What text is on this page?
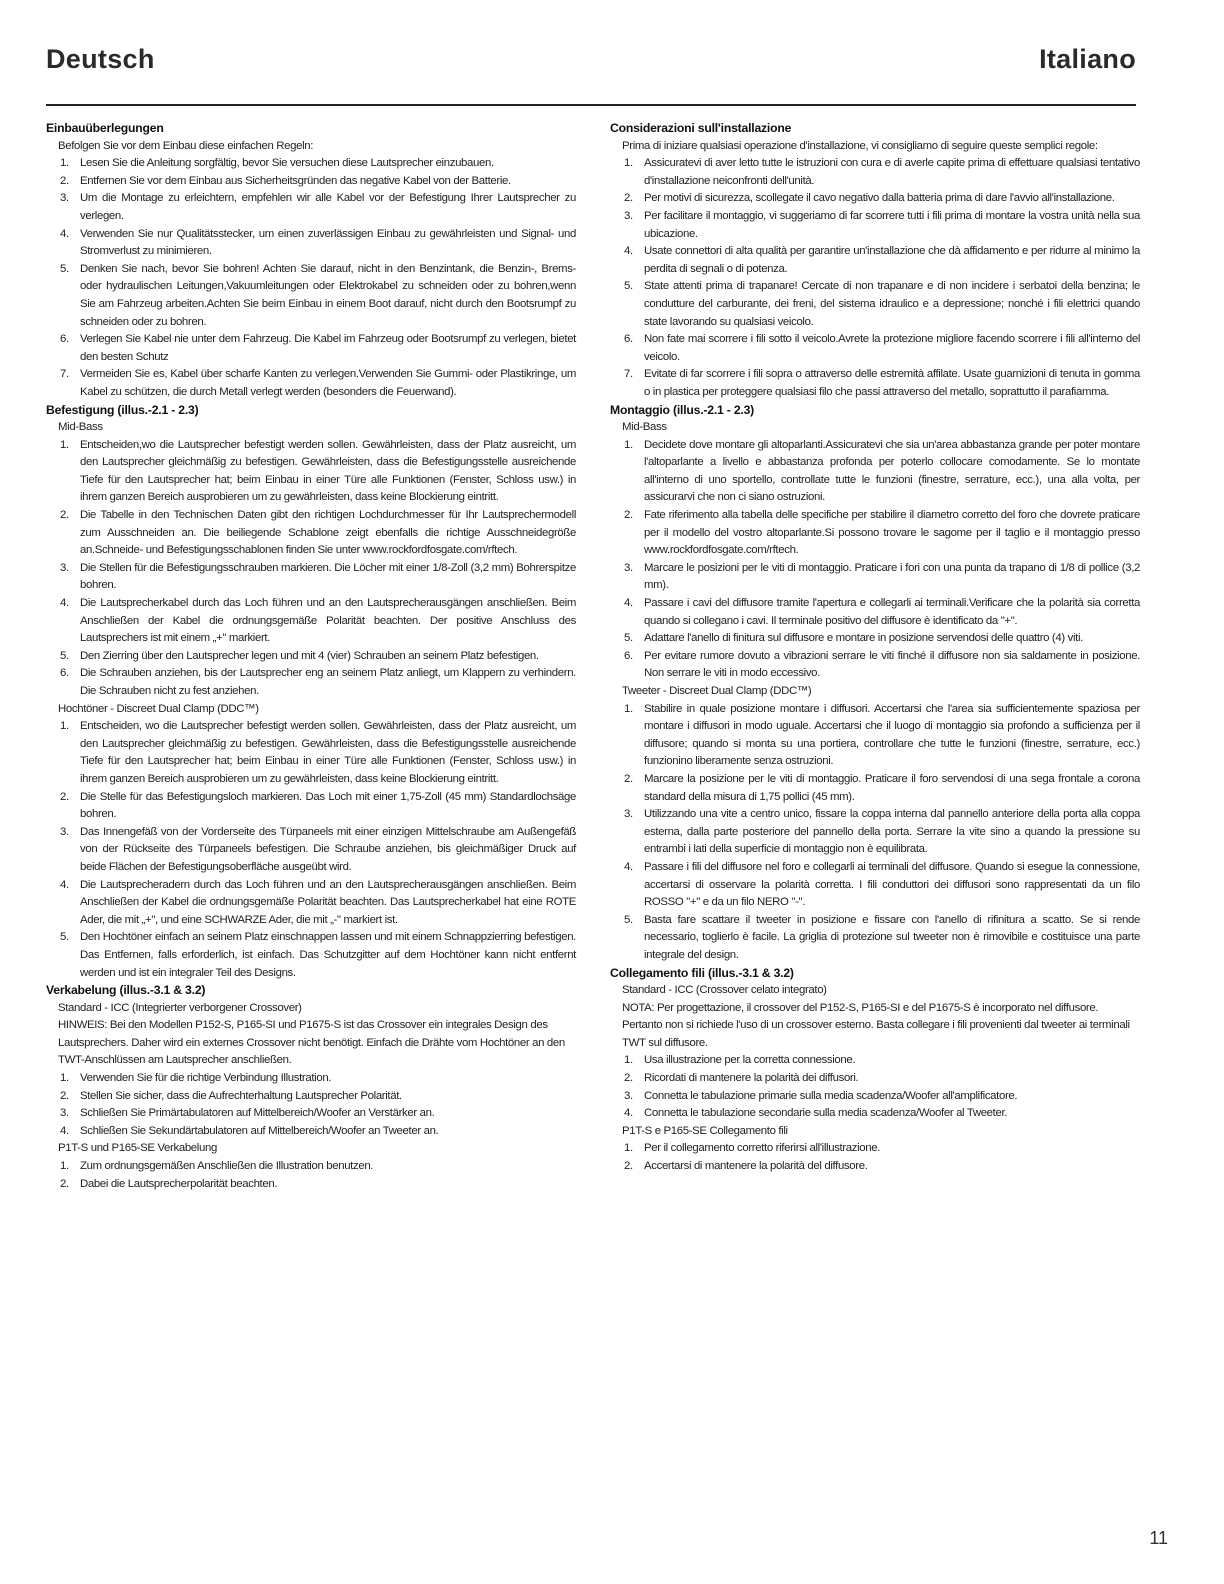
Deutsch	Italiano
Einbauüberlegungen
Befolgen Sie vor dem Einbau diese einfachen Regeln:
1. Lesen Sie die Anleitung sorgfältig, bevor Sie versuchen diese Lautsprecher einzubauen.
2. Entfernen Sie vor dem Einbau aus Sicherheitsgründen das negative Kabel von der Batterie.
3. Um die Montage zu erleichtern, empfehlen wir alle Kabel vor der Befestigung Ihrer Lautsprecher zu verlegen.
4. Verwenden Sie nur Qualitätsstecker, um einen zuverlässigen Einbau zu gewährleisten und Signal- und Stromverlust zu minimieren.
5. Denken Sie nach, bevor Sie bohren! Achten Sie darauf, nicht in den Benzintank, die Benzin-, Brems- oder hydraulischen Leitungen,Vakuumleitungen oder Elektrokabel zu schneiden oder zu bohren,wenn Sie am Fahrzeug arbeiten.Achten Sie beim Einbau in einem Boot darauf, nicht durch den Bootsrumpf zu schneiden oder zu bohren.
6. Verlegen Sie Kabel nie unter dem Fahrzeug. Die Kabel im Fahrzeug oder Bootsrumpf zu verlegen, bietet den besten Schutz
7. Vermeiden Sie es, Kabel über scharfe Kanten zu verlegen.Verwenden Sie Gummi- oder Plastikringe, um Kabel zu schützen, die durch Metall verlegt werden (besonders die Feuerwand).
Befestigung (illus.-2.1 - 2.3)
Mid-Bass
1. Entscheiden,wo die Lautsprecher befestigt werden sollen. Gewährleisten, dass der Platz ausreicht, um den Lautsprecher gleichmäßig zu befestigen. Gewährleisten, dass die Befestigungsstelle ausreichende Tiefe für den Lautsprecher hat; beim Einbau in einer Türe alle Funktionen (Fenster, Schloss usw.) in ihrem ganzen Bereich ausprobieren um zu gewährleisten, dass keine Blockierung eintritt.
2. Die Tabelle in den Technischen Daten gibt den richtigen Lochdurchmesser für Ihr Lautsprechermodell zum Ausschneiden an. Die beiliegende Schablone zeigt ebenfalls die richtige Ausschneidegröße an.Schneide- und Befestigungsschablonen finden Sie unter www.rockfordfosgate.com/rftech.
3. Die Stellen für die Befestigungsschrauben markieren. Die Löcher mit einer 1/8-Zoll (3,2 mm) Bohrerspitze bohren.
4. Die Lautsprecherkabel durch das Loch führen und an den Lautsprecherausgängen anschließen. Beim Anschließen der Kabel die ordnungsgemäße Polarität beachten. Der positive Anschluss des Lautsprechers ist mit einem „+" markiert.
5. Den Zierring über den Lautsprecher legen und mit 4 (vier) Schrauben an seinem Platz befestigen.
6. Die Schrauben anziehen, bis der Lautsprecher eng an seinem Platz anliegt, um Klappern zu verhindern. Die Schrauben nicht zu fest anziehen.
Hochtöner - Discreet Dual Clamp (DDC™)
1. Entscheiden, wo die Lautsprecher befestigt werden sollen. Gewährleisten, dass der Platz ausreicht, um den Lautsprecher gleichmäßig zu befestigen. Gewährleisten, dass die Befestigungsstelle ausreichende Tiefe für den Lautsprecher hat; beim Einbau in einer Türe alle Funktionen (Fenster, Schloss usw.) in ihrem ganzen Bereich ausprobieren um zu gewährleisten, dass keine Blockierung eintritt.
2. Die Stelle für das Befestigungsloch markieren. Das Loch mit einer 1,75-Zoll (45 mm) Standardlochsäge bohren.
3. Das Innengefäß von der Vorderseite des Türpaneels mit einer einzigen Mittelschraube am Außengefäß von der Rückseite des Türpaneels befestigen. Die Schraube anziehen, bis gleichmäßiger Druck auf beide Flächen der Befestigungsoberfläche ausgeübt wird.
4. Die Lautsprecheradern durch das Loch führen und an den Lautsprecherausgängen anschließen. Beim Anschließen der Kabel die ordnungsgemäße Polarität beachten. Das Lautsprecherkabel hat eine ROTE Ader, die mit „+", und eine SCHWARZE Ader, die mit „-" markiert ist.
5. Den Hochtöner einfach an seinem Platz einschnappen lassen und mit einem Schnappzierring befestigen. Das Entfernen, falls erforderlich, ist einfach. Das Schutzgitter auf dem Hochtöner kann nicht entfernt werden und ist ein integraler Teil des Designs.
Verkabelung (illus.-3.1 & 3.2)
Standard - ICC (Integrierter verborgener Crossover)
HINWEIS: Bei den Modellen P152-S, P165-SI und P1675-S ist das Crossover ein integrales Design des Lautsprechers. Daher wird ein externes Crossover nicht benötigt. Einfach die Drähte vom Hochtöner an den TWT-Anschlüssen am Lautsprecher anschließen.
1. Verwenden Sie für die richtige Verbindung Illustration.
2. Stellen Sie sicher, dass die Aufrechterhaltung Lautsprecher Polarität.
3. Schließen Sie Primärtabulatoren auf Mittelbereich/Woofer an Verstärker an.
4. Schließen Sie Sekundärtabulatoren auf Mittelbereich/Woofer an Tweeter an.
P1T-S und P165-SE Verkabelung
1. Zum ordnungsgemäßen Anschließen die Illustration benutzen.
2. Dabei die Lautsprecherpolarität beachten.
Considerazioni sull'installazione
Prima di iniziare qualsiasi operazione d'installazione, vi consigliamo di seguire queste semplici regole:
1. Assicuratevi di aver letto tutte le istruzioni con cura e di averle capite prima di effettuare qualsiasi tentativo d'installazione neiconfronti dell'unità.
2. Per motivi di sicurezza, scollegate il cavo negativo dalla batteria prima di dare l'avvio all'installazione.
3. Per facilitare il montaggio, vi suggeriamo di far scorrere tutti i fili prima di montare la vostra unità nella sua ubicazione.
4. Usate connettori di alta qualità per garantire un'installazione che dà affidamento e per ridurre al minimo la perdita di segnali o di potenza.
5. State attenti prima di trapanare! Cercate di non trapanare e di non incidere i serbatoi della benzina; le condutture del carburante, dei freni, del sistema idraulico e a depressione; nonché i fili elettrici quando state lavorando su qualsiasi veicolo.
6. Non fate mai scorrere i fili sotto il veicolo.Avrete la protezione migliore facendo scorrere i fili all'interno del veicolo.
7. Evitate di far scorrere i fili sopra o attraverso delle estremità affilate. Usate guarnizioni di tenuta in gomma o in plastica per proteggere qualsiasi filo che passi attraverso del metallo, soprattutto il parafiamma.
Montaggio (illus.-2.1 - 2.3)
Mid-Bass
1. Decidete dove montare gli altoparlanti.Assicuratevi che sia un'area abbastanza grande per poter montare l'altoparlante a livello e abbastanza profonda per poterlo collocare comodamente. Se lo montate all'interno di uno sportello, controllate tutte le funzioni (finestre, serrature, ecc.), una alla volta, per assicurarvi che non ci siano ostruzioni.
2. Fate riferimento alla tabella delle specifiche per stabilire il diametro corretto del foro che dovrete praticare per il modello del vostro altoparlante.Si possono trovare le sagome per il taglio e il montaggio presso www.rockfordfosgate.com/rftech.
3. Marcare le posizioni per le viti di montaggio. Praticare i fori con una punta da trapano di 1/8 di pollice (3,2 mm).
4. Passare i cavi del diffusore tramite l'apertura e collegarli ai terminali.Verificare che la polarità sia corretta quando si collegano i cavi. Il terminale positivo del diffusore è identificato da "+".
5. Adattare l'anello di finitura sul diffusore e montare in posizione servendosi delle quattro (4) viti.
6. Per evitare rumore dovuto a vibrazioni serrare le viti finché il diffusore non sia saldamente in posizione. Non serrare le viti in modo eccessivo.
Tweeter - Discreet Dual Clamp (DDC™)
1. Stabilire in quale posizione montare i diffusori. Accertarsi che l'area sia sufficientemente spaziosa per montare i diffusori in modo uguale. Accertarsi che il luogo di montaggio sia profondo a sufficienza per il diffusore; quando si monta su una portiera, controllare che tutte le funzioni (finestre, serrature, ecc.) funzionino liberamente senza ostruzioni.
2. Marcare la posizione per le viti di montaggio. Praticare il foro servendosi di una sega frontale a corona standard della misura di 1,75 pollici (45 mm).
3. Utilizzando una vite a centro unico, fissare la coppa interna dal pannello anteriore della porta alla coppa esterna, dalla parte posteriore del pannello della porta. Serrare la vite sino a quando la pressione su entrambi i lati della superficie di montaggio non è equilibrata.
4. Passare i fili del diffusore nel foro e collegarli ai terminali del diffusore. Quando si esegue la connessione, accertarsi di osservare la polarità corretta. I fili conduttori dei diffusori sono rappresentati da un filo ROSSO "+" e da un filo NERO "-".
5. Basta fare scattare il tweeter in posizione e fissare con l'anello di rifinitura a scatto. Se si rende necessario, toglierlo è facile. La griglia di protezione sul tweeter non è rimovibile e costituisce una parte integrale del design.
Collegamento fili (illus.-3.1 & 3.2)
Standard - ICC (Crossover celato integrato)
NOTA: Per progettazione, il crossover del P152-S, P165-SI e del P1675-S è incorporato nel diffusore. Pertanto non si richiede l'uso di un crossover esterno. Basta collegare i fili provenienti dal tweeter ai terminali TWT sul diffusore.
1. Usa illustrazione per la corretta connessione.
2. Ricordati di mantenere la polarità dei diffusori.
3. Connetta le tabulazione primarie sulla media scadenza/Woofer all'amplificatore.
4. Connetta le tabulazione secondarie sulla media scadenza/Woofer al Tweeter.
P1T-S e P165-SE Collegamento fili
1. Per il collegamento corretto riferirsi all'illustrazione.
2. Accertarsi di mantenere la polarità del diffusore.
11
